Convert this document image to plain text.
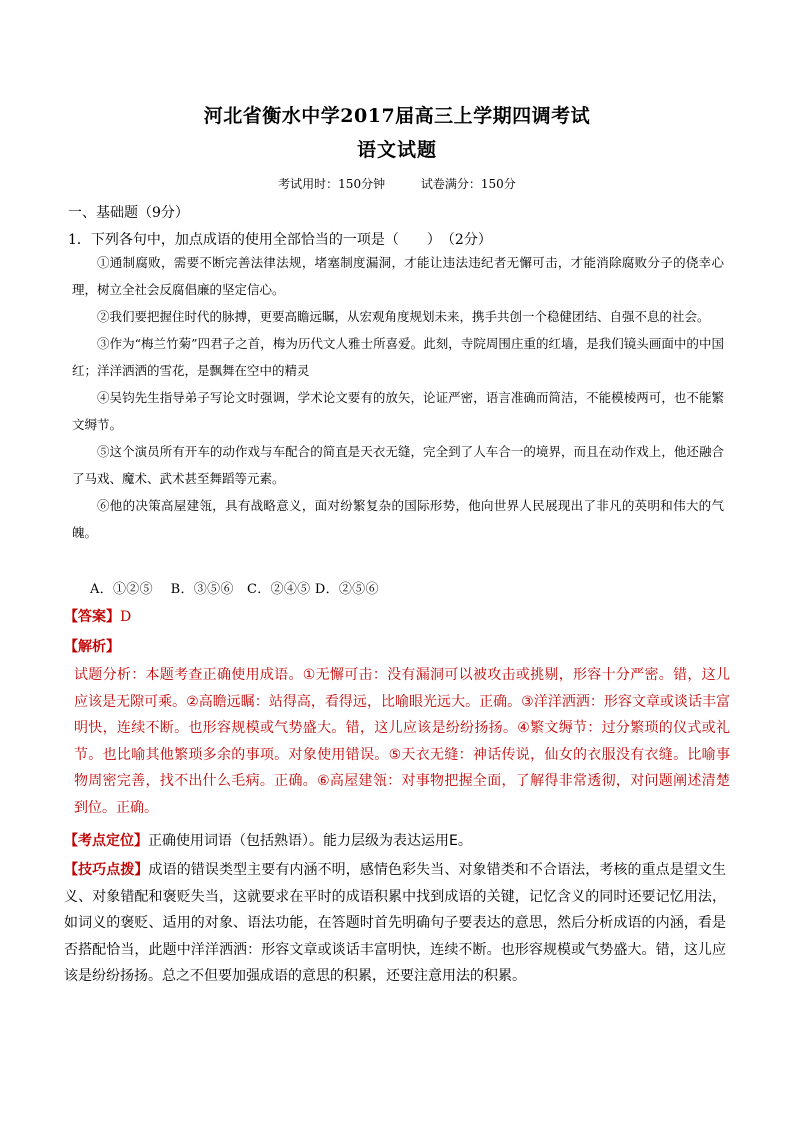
河北省衡水中学2017届高三上学期四调考试
语文试题
考试用时：150分钟	试卷满分：150分
一、基础题（9分）
1．下列各句中，加点成语的使用全部恰当的一项是（　　）　（2分）

①通制腐败，需要不断完善法律法规，堵塞制度漏洞，才能让违法违纪者无懈可击，才能消除腐败分子的侥幸心理，树立全社会反腐倡廉的坚定信心。

②我们要把握住时代的脉搏，更要高瞻远瞩，从宏观角度规划未来，携手共创一个稳健团结、自强不息的社会。

③作为“梅兰竹菊”四君子之首，梅为历代文人雅士所喜爱。此刻，寺院周围庄重的红墙，是我们镜头画面中的中国红；洋洋洒洒的雪花，是飘舞在空中的精灵

④吴钧先生指导弟子写论文时强调，学术论文要有的放矢，论证严密，语言准确而简洁，不能模棱两可，也不能繁文缛节。

⑤这个演员所有开车的动作戏与车配合的简直是天衣无缝，完全到了人车合一的境界，而且在动作戏上，他还融合了马戏、魔术、武术甚至舞蹈等元素。

⑥他的决策高屋建瓴，具有战略意义，面对纷繁复杂的国际形势，他向世界人民展现出了非凡的英明和伟大的气魄。

A．①②⑤　 B．③⑤⑥　C．②④⑤ D．②⑤⑥
【答案】D
【解析】
试题分析：本题考查正确使用成语。①无懈可击：没有漏洞可以被攻击或挑剔，形容十分严密。错，这儿应该是无隙可乘。②高瞻远瞩：站得高，看得远，比喻眼光远大。正确。③洋洋洒洒：形容文章或谈话丰富明快，连续不断。也形容规模或气势盛大。错，这儿应该是纷纷扬扬。④繁文缛节：过分繁琐的仪式或礼节。也比喻其他繁琐多余的事项。对象使用错误。⑤天衣无缝：神话传说，仙女的衣服没有衣缝。比喻事物周密完善，找不出什么毛病。正确。⑥高屋建瓴：对事物把握全面，了解得非常透彻，对问题阐述清楚到位。正确。
【考点定位】正确使用词语（包括熟语）。能力层级为表达运用E。
【技巧点拨】成语的错误类型主要有内涵不明，感情色彩失当、对象错类和不合语法，考核的重点是望文生义、对象错配和褒贬失当，这就要求在平时的成语积累中找到成语的关键，记忆含义的同时还要记忆用法，如词义的褒贬、适用的对象、语法功能，在答题时首先明确句子要表达的意思，然后分析成语的内涵，看是否搭配恰当，此题中洋洋洒洒：形容文章或谈话丰富明快，连续不断。也形容规模或气势盛大。错，这儿应该是纷纷扬扬。总之不但要加强成语的意思的积累，还要注意用法的积累。
